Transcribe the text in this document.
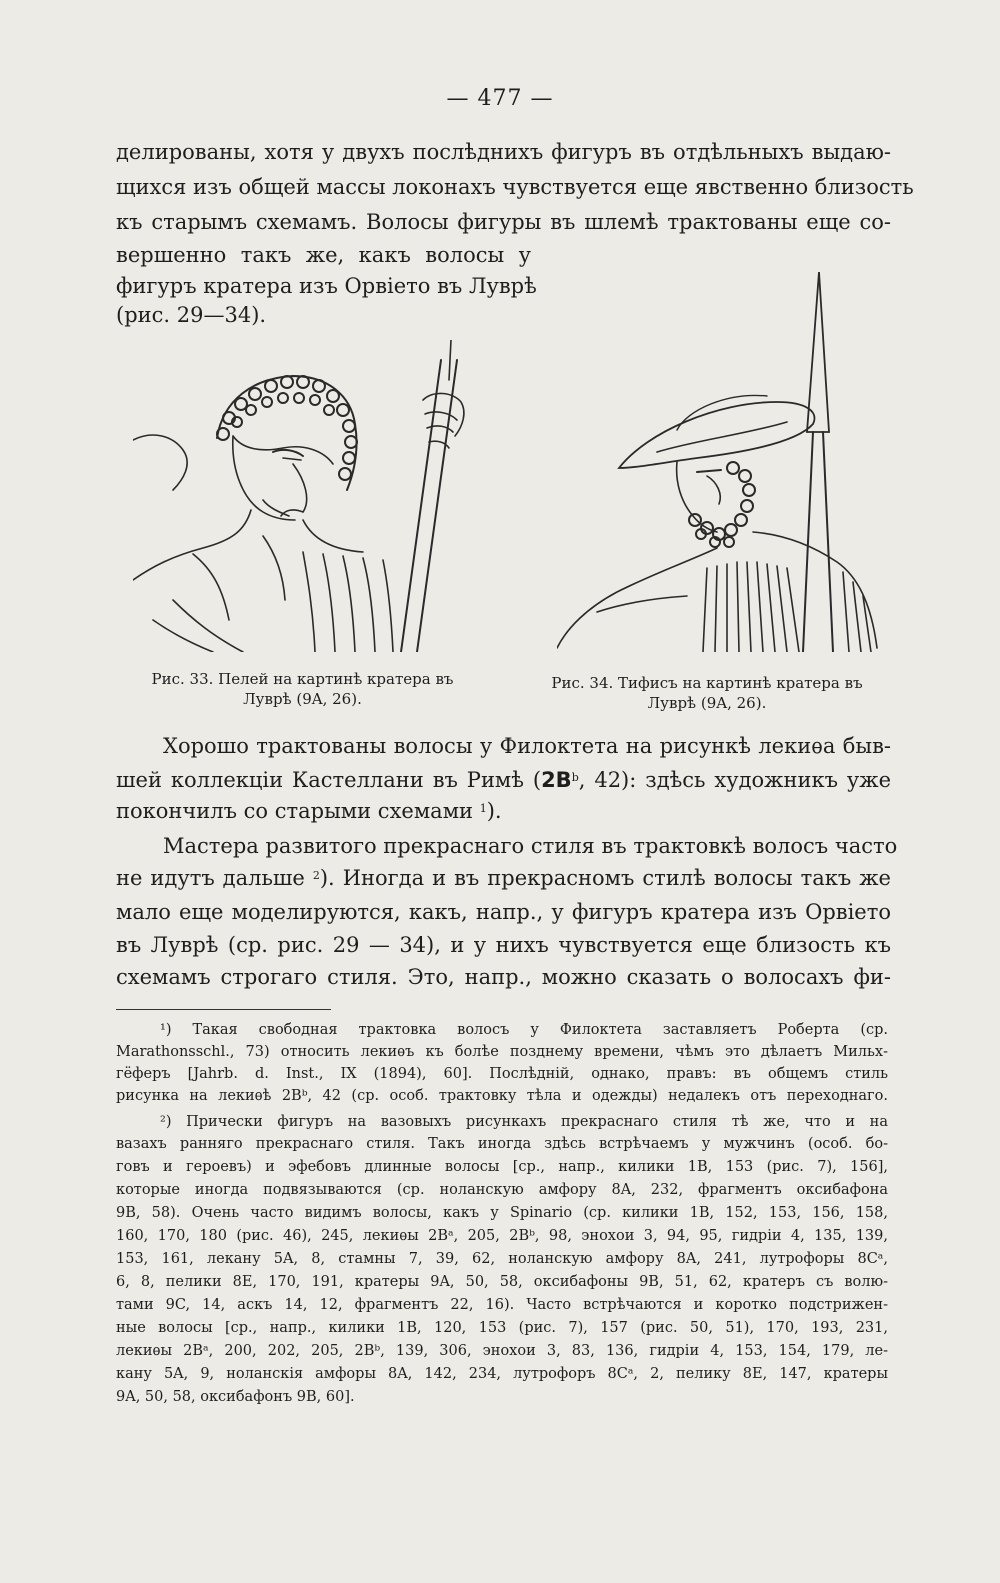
— 477 —
делированы, хотя у двухъ послѣднихъ фигуръ въ отдѣльныхъ выдаю-
щихся изъ общей массы локонахъ чувствуется еще явственно близость
къ старымъ схемамъ. Волосы фигуры въ шлемѣ трактованы еще со-
вершенно такъ же, какъ волосы у
фигуръ кратера изъ Орвіето въ Луврѣ
(рис. 29—34).
Рис. 33. Пелей на картинѣ кратера въ
Луврѣ (9A, 26).
Рис. 34. Тифисъ на картинѣ кратера въ
Луврѣ (9A, 26).
Хорошо трактованы волосы у Филоктета на рисункѣ лекиѳа быв-
шей коллекціи Кастеллани въ Римѣ ($2B^b$, 42): здѣсь художникъ уже
покончилъ со старыми схемами $^1$).
Мастера развитого прекраснаго стиля въ трактовкѣ волосъ часто
не идутъ дальше $^2$). Иногда и въ прекрасномъ стилѣ волосы такъ же
мало еще моделируются, какъ, напр., у фигуръ кратера изъ Орвіето
въ Луврѣ (ср. рис. 29 — 34), и у нихъ чувствуется еще близость къ
схемамъ строгаго стиля. Это, напр., можно сказать о волосахъ фи-
¹) Такая свободная трактовка волосъ у Филоктета заставляетъ Роберта (ср.
Marathonsschl., 73) относить лекиѳъ къ болѣе позднему времени, чѣмъ это дѣлаетъ Мильх-
гёферъ [Jahrb. d. Inst., IX (1894), 60]. Послѣдній, однако, правъ: въ общемъ стиль
рисунка на лекиѳѣ 2Bᵇ, 42 (ср. особ. трактовку тѣла и одежды) недалекъ отъ переходнаго.
²) Прически фигуръ на вазовыхъ рисункахъ прекраснаго стиля тѣ же, что и на
вазахъ ранняго прекраснаго стиля. Такъ иногда здѣсь встрѣчаемъ у мужчинъ (особ. бо-
говъ и героевъ) и эфебовъ длинные волосы [ср., напр., килики 1B, 153 (рис. 7), 156],
которые иногда подвязываются (ср. ноланскую амфору 8A, 232, фрагментъ оксибафона
9B, 58). Очень часто видимъ волосы, какъ у Spinario (ср. килики 1B, 152, 153, 156, 158,
160, 170, 180 (рис. 46), 245, лекиѳы 2Bᵃ, 205, 2Bᵇ, 98, энохои 3, 94, 95, гидріи 4, 135, 139,
153, 161, лекану 5A, 8, стамны 7, 39, 62, ноланскую амфору 8A, 241, лутрофоры 8Cᵃ,
6, 8, пелики 8E, 170, 191, кратеры 9A, 50, 58, оксибафоны 9B, 51, 62, кратеръ съ волю-
тами 9C, 14, аскъ 14, 12, фрагментъ 22, 16). Часто встрѣчаются и коротко подстрижен-
ные волосы [ср., напр., килики 1B, 120, 153 (рис. 7), 157 (рис. 50, 51), 170, 193, 231,
лекиѳы 2Bᵃ, 200, 202, 205, 2Bᵇ, 139, 306, эноxои 3, 83, 136, гидріи 4, 153, 154, 179, ле-
кану 5A, 9, ноланскія амфоры 8A, 142, 234, лутрофоръ 8Cᵃ, 2, пелику 8E, 147, кратеры
9A, 50, 58, оксибафонъ 9B, 60].
